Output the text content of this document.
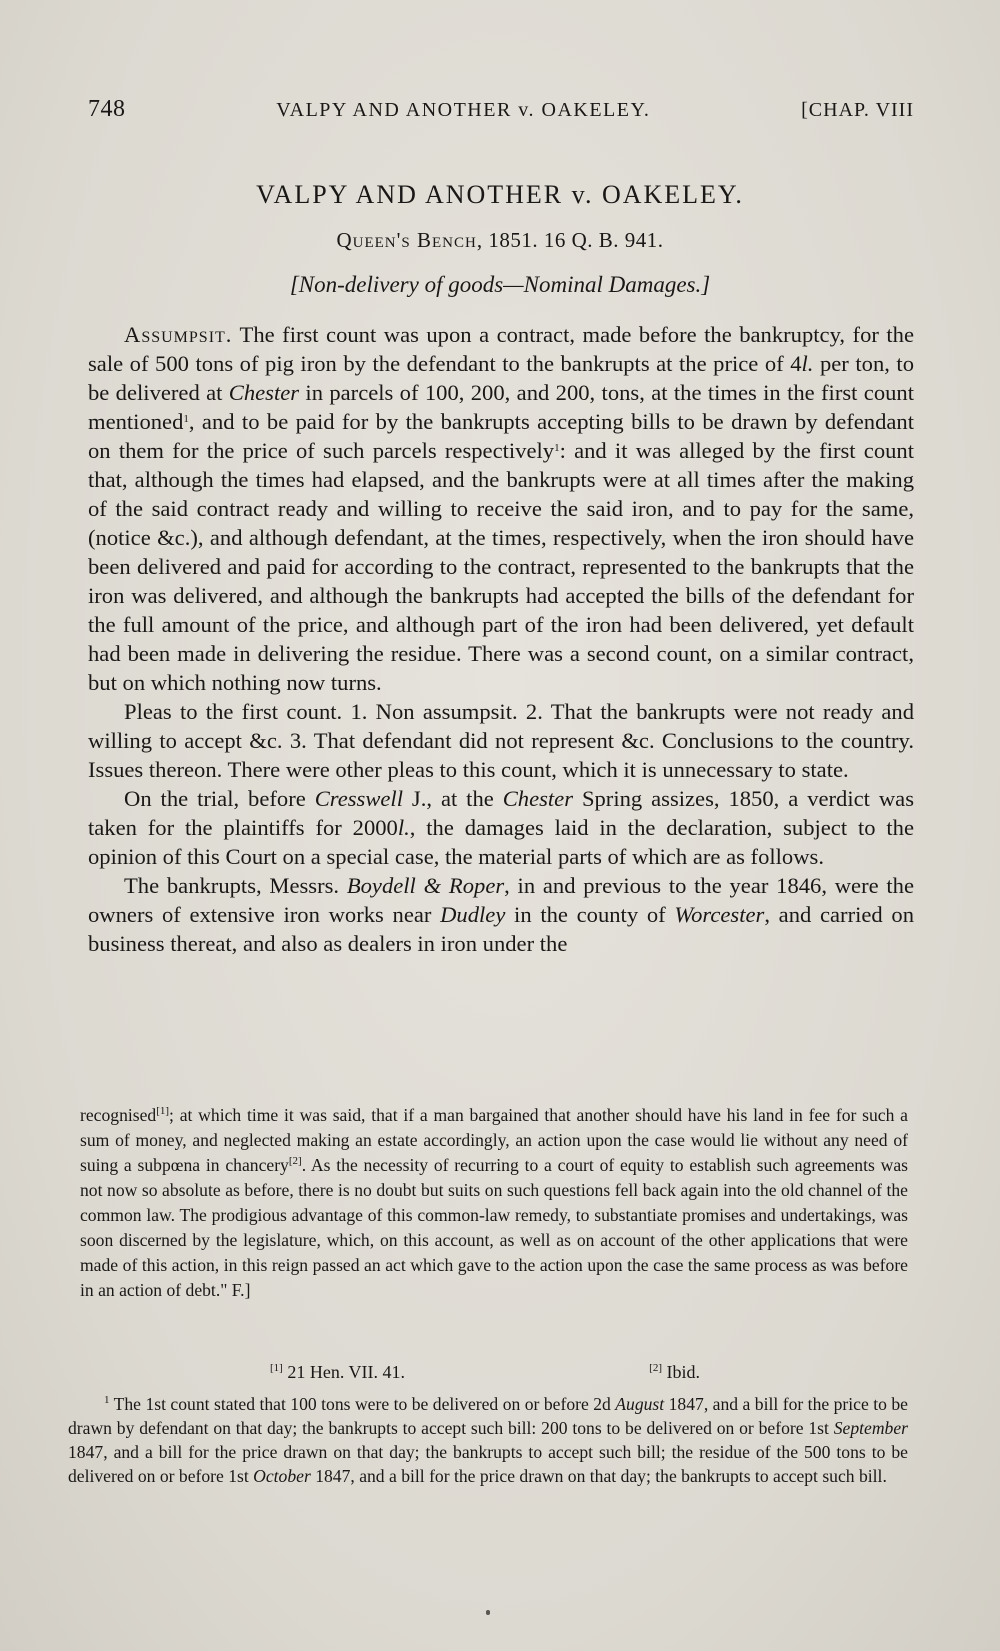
748	VALPY AND ANOTHER v. OAKELEY.	[CHAP. VIII
VALPY AND ANOTHER v. OAKELEY.
Queen's Bench, 1851. 16 Q. B. 941.
[Non-delivery of goods—Nominal Damages.]

Assumpsit. The first count was upon a contract, made before the bankruptcy, for the sale of 500 tons of pig iron by the defendant to the bankrupts at the price of 4l. per ton, to be delivered at Chester in parcels of 100, 200, and 200, tons, at the times in the first count mentioned$^1$, and to be paid for by the bankrupts accepting bills to be drawn by defendant on them for the price of such parcels respectively$^1$: and it was alleged by the first count that, although the times had elapsed, and the bankrupts were at all times after the making of the said contract ready and willing to receive the said iron, and to pay for the same, (notice &c.), and although defendant, at the times, respectively, when the iron should have been delivered and paid for according to the contract, represented to the bankrupts that the iron was delivered, and although the bankrupts had accepted the bills of the defendant for the full amount of the price, and although part of the iron had been delivered, yet default had been made in delivering the residue. There was a second count, on a similar contract, but on which nothing now turns.

Pleas to the first count. 1. Non assumpsit. 2. That the bankrupts were not ready and willing to accept &c. 3. That defendant did not represent &c. Conclusions to the country. Issues thereon. There were other pleas to this count, which it is unnecessary to state.

On the trial, before Cresswell J., at the Chester Spring assizes, 1850, a verdict was taken for the plaintiffs for 2000l., the damages laid in the declaration, subject to the opinion of this Court on a special case, the material parts of which are as follows.

The bankrupts, Messrs. Boydell & Roper, in and previous to the year 1846, were the owners of extensive iron works near Dudley in the county of Worcester, and carried on business thereat, and also as dealers in iron under the

recognised[1]; at which time it was said, that if a man bargained that another should have his land in fee for such a sum of money, and neglected making an estate accordingly, an action upon the case would lie without any need of suing a subpœna in chancery[2]. As the necessity of recurring to a court of equity to establish such agreements was not now so absolute as before, there is no doubt but suits on such questions fell back again into the old channel of the common law. The prodigious advantage of this common-law remedy, to substantiate promises and undertakings, was soon discerned by the legislature, which, on this account, as well as on account of the other applications that were made of this action, in this reign passed an act which gave to the action upon the case the same process as was before in an action of debt." F.]

[1] 21 Hen. VII. 41.	[2] Ibid.

$^1$ The 1st count stated that 100 tons were to be delivered on or before 2d August 1847, and a bill for the price to be drawn by defendant on that day; the bankrupts to accept such bill: 200 tons to be delivered on or before 1st September 1847, and a bill for the price drawn on that day; the bankrupts to accept such bill; the residue of the 500 tons to be delivered on or before 1st October 1847, and a bill for the price drawn on that day; the bankrupts to accept such bill.
